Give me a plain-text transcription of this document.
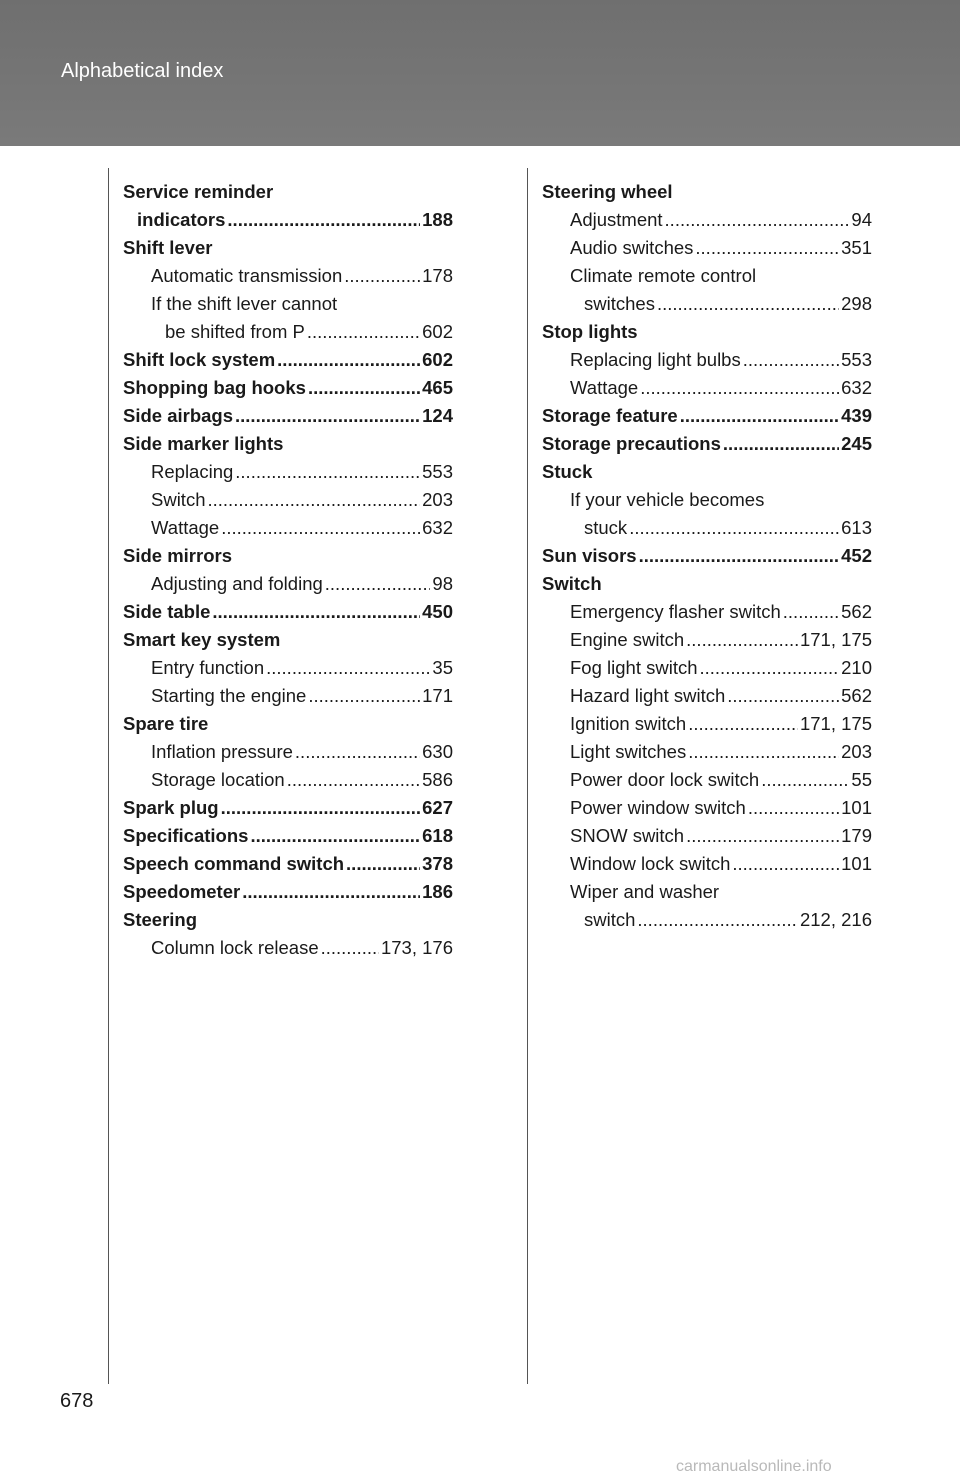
Alphabetical index
Service reminder
indicators .....	188
Shift lever
Automatic transmission .....	178
If the shift lever cannot
be shifted from P .....	602
Shift lock system .....	602
Shopping bag hooks .....	465
Side airbags .....	124
Side marker lights
Replacing .....	553
Switch .....	203
Wattage .....	632
Side mirrors
Adjusting and folding .....	98
Side table .....	450
Smart key system
Entry function .....	35
Starting the engine .....	171
Spare tire
Inflation pressure .....	630
Storage location .....	586
Spark plug .....	627
Specifications .....	618
Speech command switch .....	378
Speedometer .....	186
Steering
Column lock release .....	173, 176
Steering wheel
Adjustment .....	94
Audio switches .....	351
Climate remote control
switches .....	298
Stop lights
Replacing light bulbs .....	553
Wattage .....	632
Storage feature .....	439
Storage precautions .....	245
Stuck
If your vehicle becomes
stuck .....	613
Sun visors .....	452
Switch
Emergency flasher switch .....	562
Engine switch .....	171, 175
Fog light switch .....	210
Hazard light switch .....	562
Ignition switch .....	171, 175
Light switches .....	203
Power door lock switch .....	55
Power window switch .....	101
SNOW switch .....	179
Window lock switch .....	101
Wiper and washer
switch .....	212, 216
678
carmanualsonline.info
